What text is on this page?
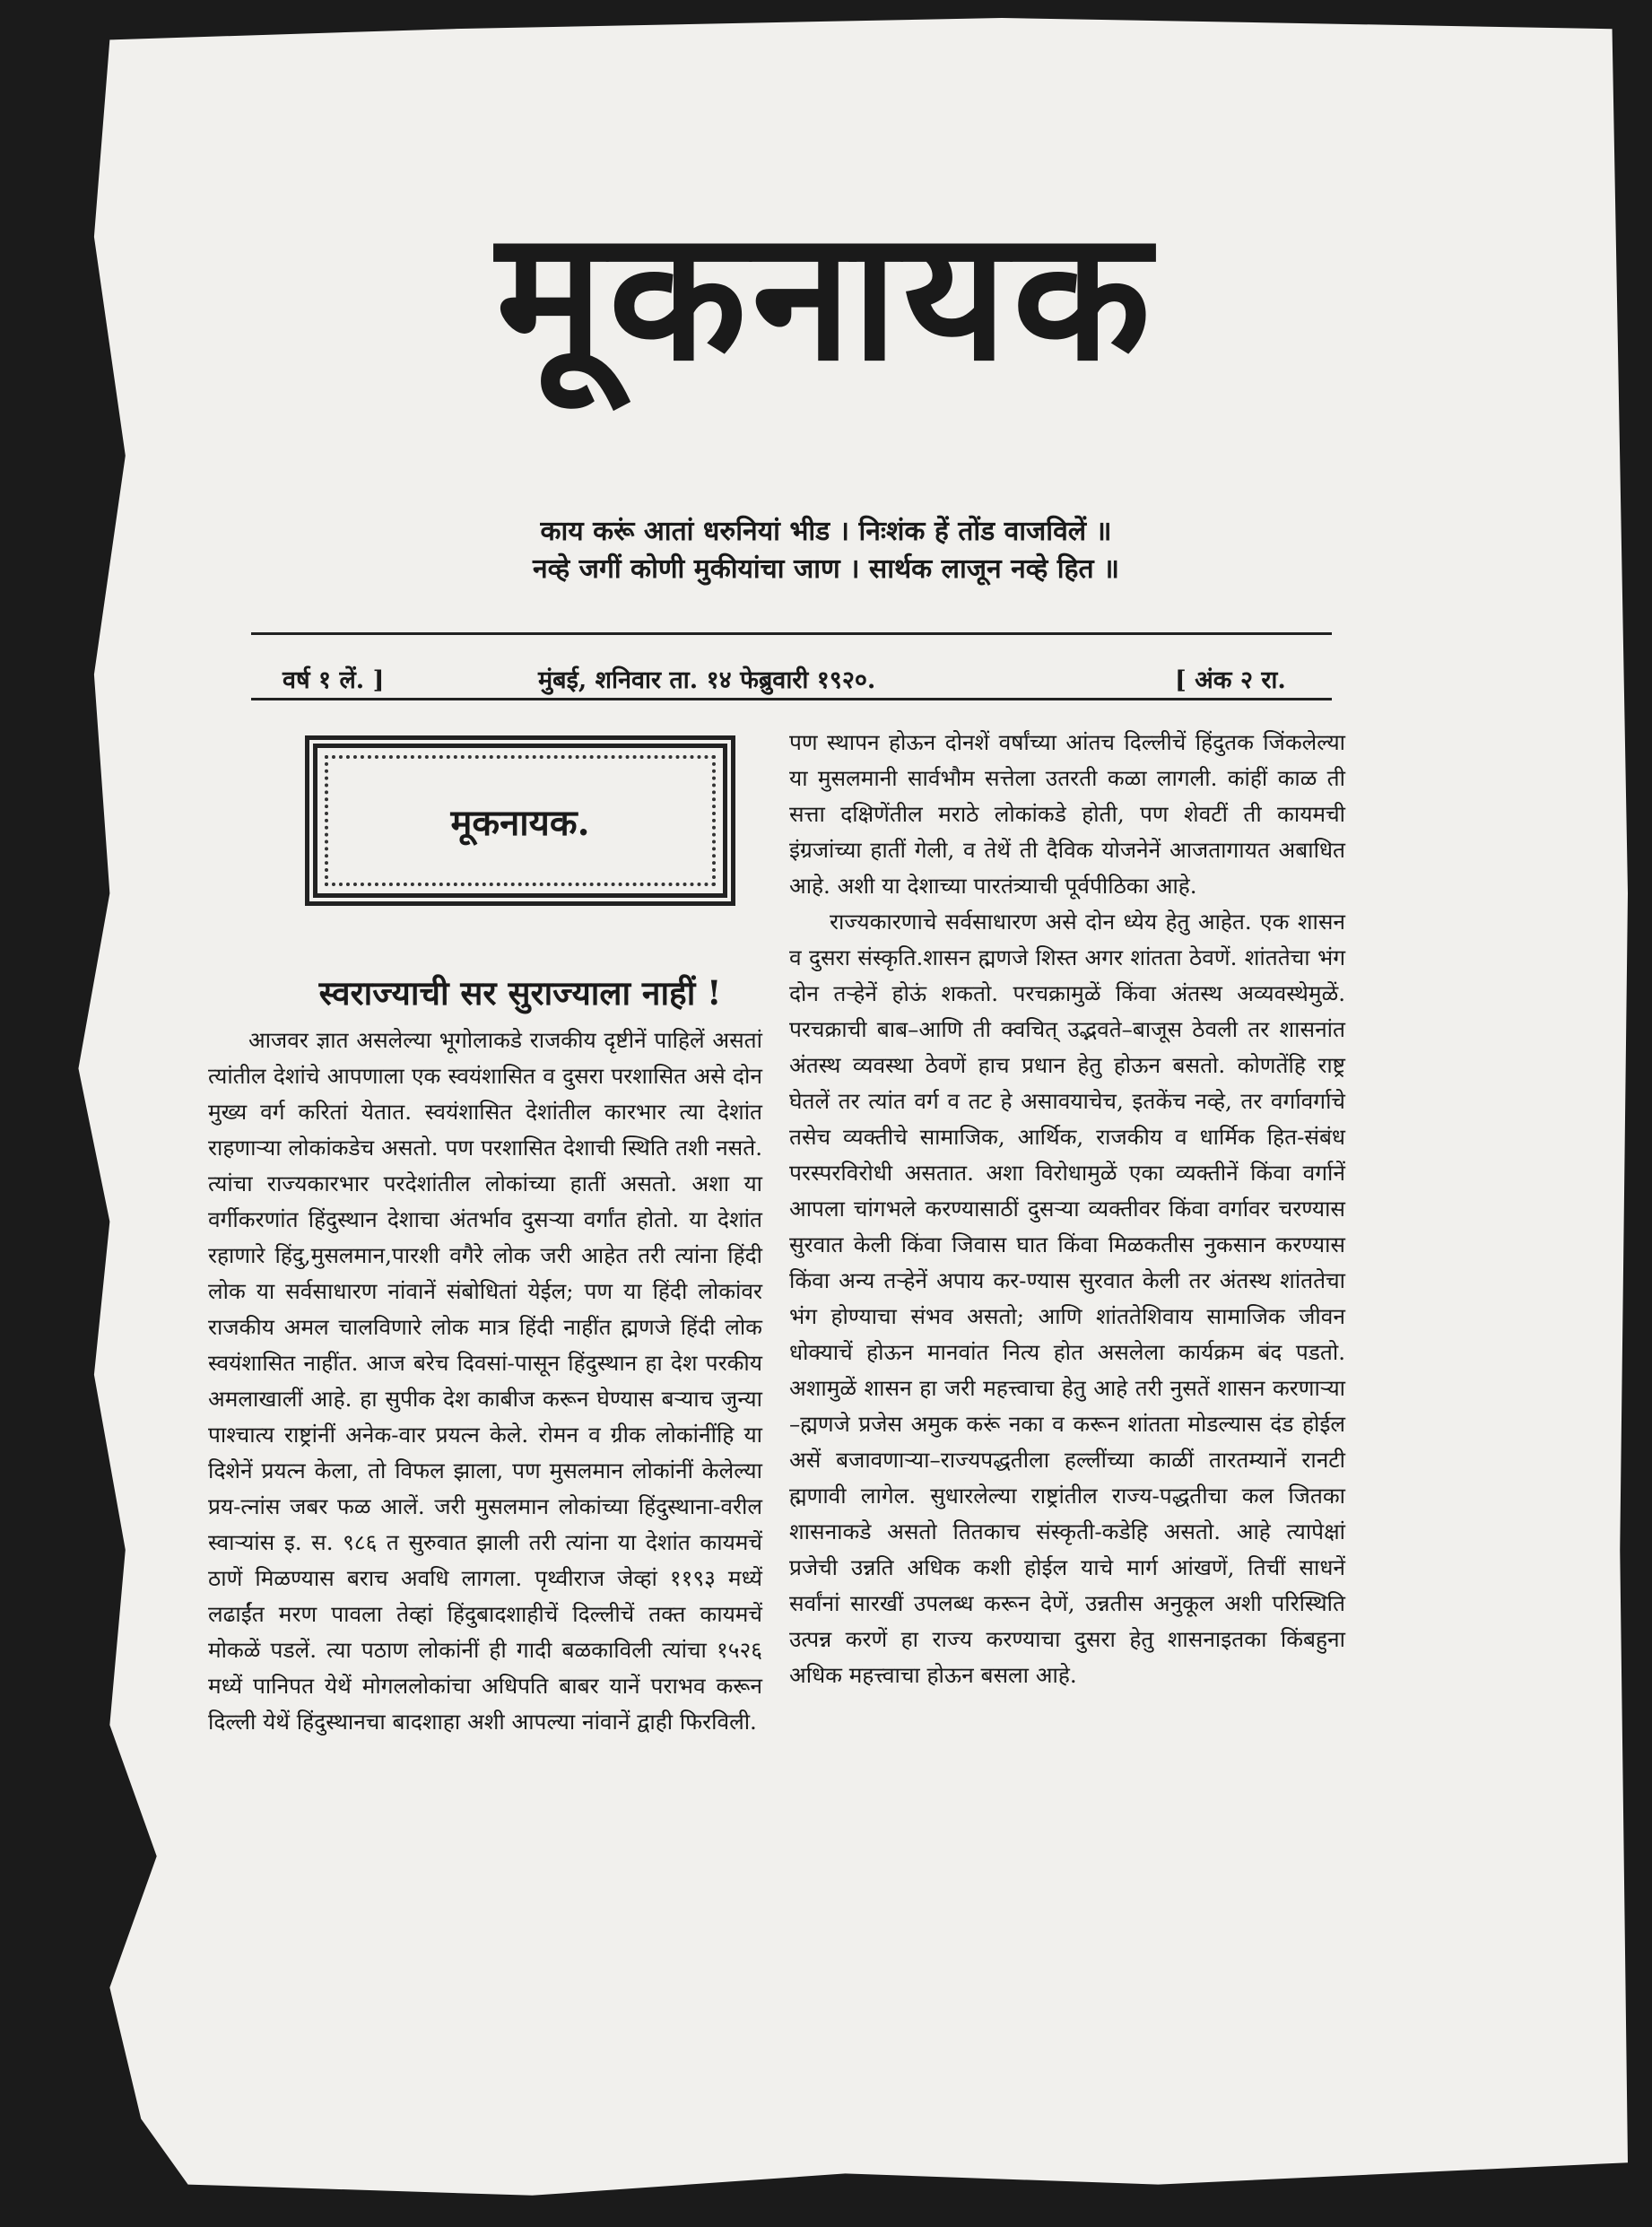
मूकनायक
काय करूं आतां धरुनियां भीड । निःशंक हें तोंड वाजविलें ॥
नव्हे जगीं कोणी मुकीयांचा जाण । सार्थक लाजून नव्हे हित ॥
वर्ष १ लें. ]	मुंबई, शनिवार ता. १४ फेब्रुवारी १९२०.	[ अंक २ रा.
मूकनायक.
स्वराज्याची सर सुराज्याला नाहीं !

आजवर ज्ञात असलेल्या भूगोलाकडे राजकीय दृष्टीनें पाहिलें असतां त्यांतील देशांचे आपणाला एक स्वयंशासित व दुसरा परशासित असे दोन मुख्य वर्ग करितां येतात. स्वयंशासित देशांतील कारभार त्या देशांत राहणाऱ्या लोकांकडेच असतो. पण परशासित देशाची स्थिति तशी नसते. त्यांचा राज्यकारभार परदेशांतील लोकांच्या हातीं असतो. अशा या वर्गीकरणांत हिंदुस्थान देशाचा अंतर्भाव दुसऱ्या वर्गांत होतो. या देशांत रहाणारे हिंदु,मुसलमान,पारशी वगैरे लोक जरी आहेत तरी त्यांना हिंदी लोक या सर्वसाधारण नांवानें संबोधितां येईल; पण या हिंदी लोकांवर राजकीय अमल चालविणारे लोक मात्र हिंदी नाहींत ह्मणजे हिंदी लोक स्वयंशासित नाहींत. आज बरेच दिवसां-पासून हिंदुस्थान हा देश परकीय अमलाखालीं आहे. हा सुपीक देश काबीज करून घेण्यास बऱ्याच जुन्या पाश्चात्य राष्ट्रांनीं अनेक-वार प्रयत्न केले. रोमन व ग्रीक लोकांनींहि या दिशेनें प्रयत्न केला, तो विफल झाला, पण मुसलमान लोकांनीं केलेल्या प्रय-त्नांस जबर फळ आलें. जरी मुसलमान लोकांच्या हिंदुस्थाना-वरील स्वाऱ्यांस इ. स. ९८६ त सुरुवात झाली तरी त्यांना या देशांत कायमचें ठाणें मिळण्यास बराच अवधि लागला. पृथ्वीराज जेव्हां ११९३ मध्यें लढाईंत मरण पावला तेव्हां हिंदुबादशाहीचें दिल्लीचें तक्त कायमचें मोकळें पडलें. त्या पठाण लोकांनीं ही गादी बळकाविली त्यांचा १५२६ मध्यें पानिपत येथें मोगललोकांचा अधिपति बाबर यानें पराभव करून दिल्ली येथें हिंदुस्थानचा बादशाहा अशी आपल्या नांवानें द्वाही फिरविली.

पण स्थापन होऊन दोनशें वर्षांच्या आंतच दिल्लीचें हिंदुतक जिंकलेल्या या मुसलमानी सार्वभौम सत्तेला उतरती कळा लागली. कांहीं काळ ती सत्ता दक्षिणेंतील मराठे लोकांकडे होती, पण शेवटीं ती कायमची इंग्रजांच्या हातीं गेली, व तेथें ती दैविक योजनेनें आजतागायत अबाधित आहे. अशी या देशाच्या पारतंत्र्याची पूर्वपीठिका आहे.

राज्यकारणाचे सर्वसाधारण असे दोन ध्येय हेतु आहेत. एक शासन व दुसरा संस्कृति.शासन ह्मणजे शिस्त अगर शांतता ठेवणें. शांततेचा भंग दोन तऱ्हेनें होऊं शकतो. परचक्रामुळें किंवा अंतस्थ अव्यवस्थेमुळें. परचक्राची बाब–आणि ती क्वचित् उद्भवते–बाजूस ठेवली तर शासनांत अंतस्थ व्यवस्था ठेवणें हाच प्रधान हेतु होऊन बसतो. कोणतेंहि राष्ट्र घेतलें तर त्यांत वर्ग व तट हे असावयाचेच, इतकेंच नव्हे, तर वर्गावर्गाचे तसेच व्यक्तीचे सामाजिक, आर्थिक, राजकीय व धार्मिक हित-संबंध परस्परविरोधी असतात. अशा विरोधामुळें एका व्यक्तीनें किंवा वर्गानें आपला चांगभले करण्यासाठीं दुसऱ्या व्यक्तीवर किंवा वर्गावर चरण्यास सुरवात केली किंवा जिवास घात किंवा मिळकतीस नुकसान करण्यास किंवा अन्य तऱ्हेनें अपाय कर-ण्यास सुरवात केली तर अंतस्थ शांततेचा भंग होण्याचा संभव असतो; आणि शांततेशिवाय सामाजिक जीवन धोक्याचें होऊन मानवांत नित्य होत असलेला कार्यक्रम बंद पडतो. अशामुळें शासन हा जरी महत्त्वाचा हेतु आहे तरी नुसतें शासन करणाऱ्या –ह्मणजे प्रजेस अमुक करूं नका व करून शांतता मोडल्यास दंड होईल असें बजावणाऱ्या–राज्यपद्धतीला हल्लींच्या काळीं तारतम्यानें रानटी ह्मणावी लागेल. सुधारलेल्या राष्ट्रांतील राज्य-पद्धतीचा कल जितका शासनाकडे असतो तितकाच संस्कृती-कडेहि असतो. आहे त्यापेक्षां प्रजेची उन्नति अधिक कशी होईल याचे मार्ग आंखणें, तिचीं साधनें सर्वांनां सारखीं उपलब्ध करून देणें, उन्नतीस अनुकूल अशी परिस्थिति उत्पन्न करणें हा राज्य करण्याचा दुसरा हेतु शासनाइतका किंबहुना अधिक महत्त्वाचा होऊन बसला आहे.
